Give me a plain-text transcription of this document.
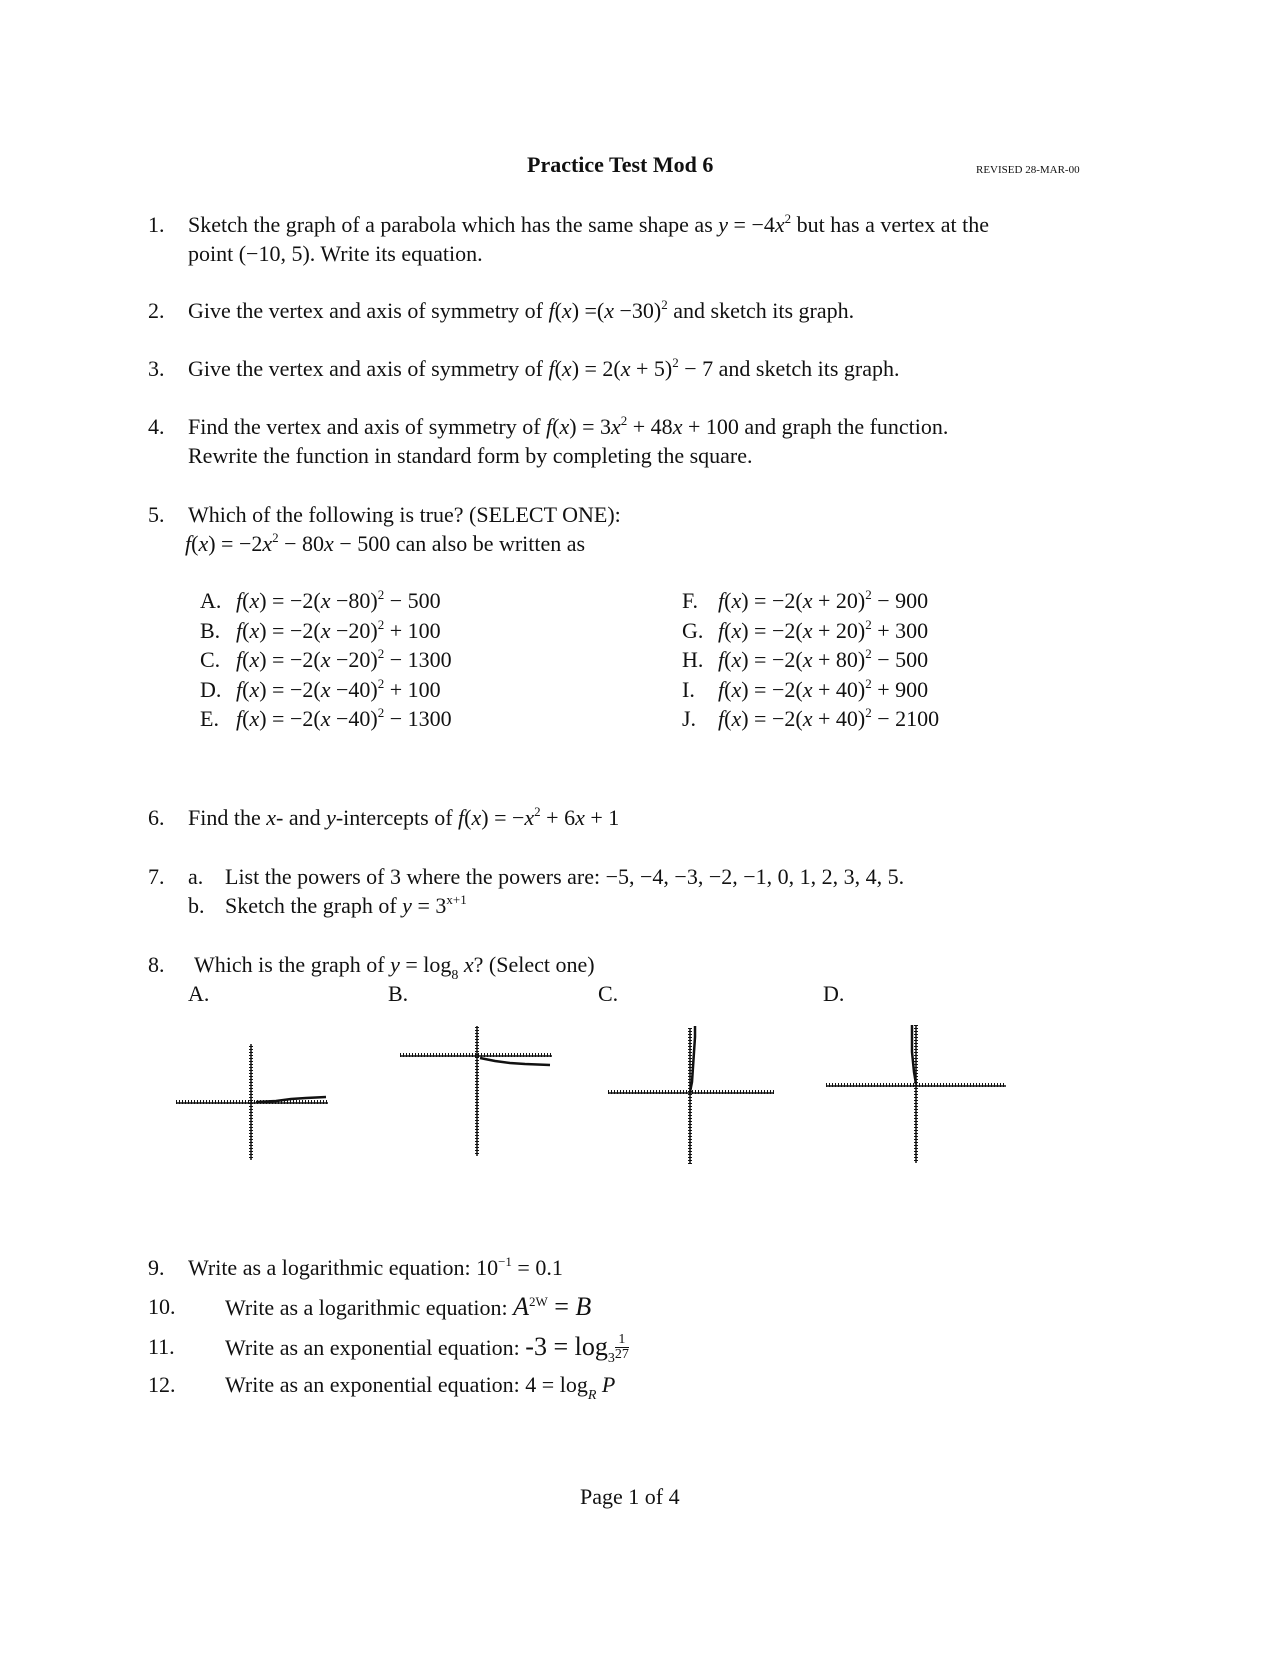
Practice Test Mod 6	REVISED 28-MAR-00
1. Sketch the graph of a parabola which has the same shape as $y = -4x^2$ but has a vertex at the
point (−10, 5). Write its equation.
2. Give the vertex and axis of symmetry of $f(x) =(x -30)^2$ and sketch its graph.
3. Give the vertex and axis of symmetry of $f(x) = 2(x + 5)^2 - 7$ and sketch its graph.
4. Find the vertex and axis of symmetry of $f(x) = 3x^2 + 48x + 100$ and graph the function.
Rewrite the function in standard form by completing the square.
5. Which of the following is true? (SELECT ONE):
$f(x) = -2x^2 - 80x - 500$ can also be written as
A. $f(x) = -2(x -80)^2 - 500$
B. $f(x) = -2(x -20)^2 + 100$
C. $f(x) = -2(x -20)^2 - 1300$
D. $f(x) = -2(x -40)^2 + 100$
E. $f(x) = -2(x -40)^2 - 1300$
F. $f(x) = -2(x + 20)^2 - 900$
G. $f(x) = -2(x + 20)^2 + 300$
H. $f(x) = -2(x + 80)^2 - 500$
I. $f(x) = -2(x + 40)^2 + 900$
J. $f(x) = -2(x + 40)^2 - 2100$
6. Find the x- and y-intercepts of $f(x) = -x^2 + 6x + 1$
7. a. List the powers of 3 where the powers are: −5, −4, −3, −2, −1, 0, 1, 2, 3, 4, 5.
b. Sketch the graph of $y = 3^{x+1}$
8. Which is the graph of $y = \log_8 x$? (Select one)
A.	B.	C.	D.
9. Write as a logarithmic equation: $10^{-1} = 0.1$
10. Write as a logarithmic equation: $A^{2W} = B$
11. Write as an exponential equation: $-3 = \log_3 \frac{1}{27}$
12. Write as an exponential equation: $4 = \log_R P$
Page 1 of 4
